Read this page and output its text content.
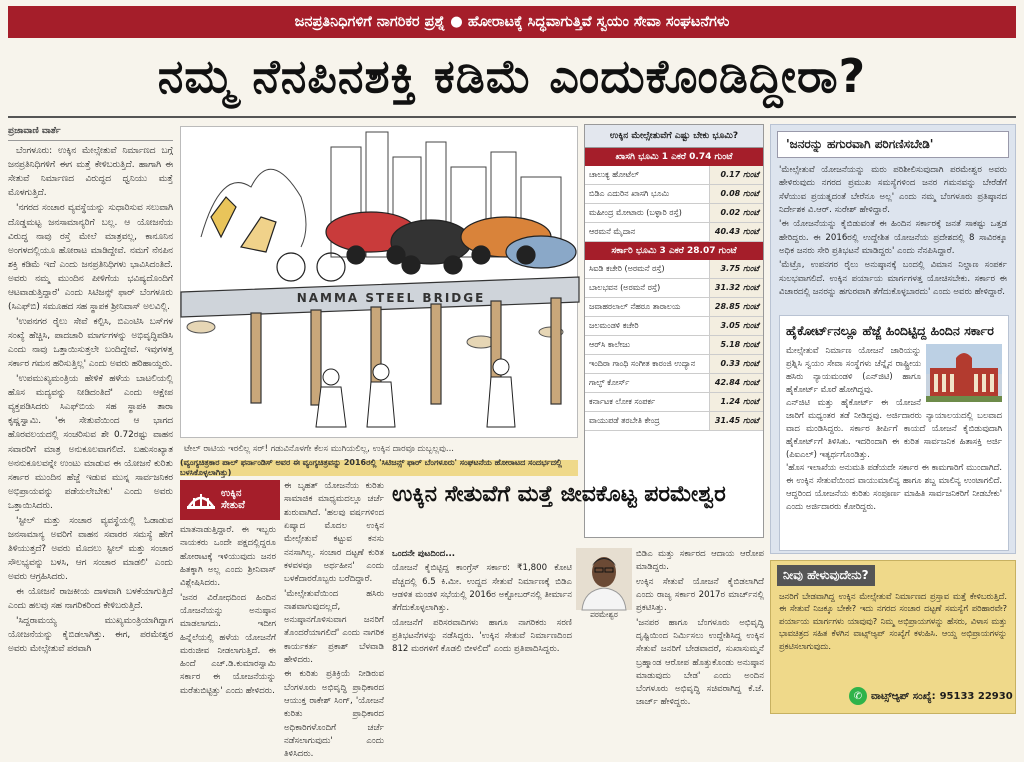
ಜನಪ್ರತಿನಿಧಿಗಳಿಗೆ ನಾಗರಿಕರ ಪ್ರಶ್ನೆ ● ಹೋರಾಟಕ್ಕೆ ಸಿದ್ಧವಾಗುತ್ತಿವೆ ಸ್ವಯಂ ಸೇವಾ ಸಂಘಟನೆಗಳು
ನಮ್ಮ ನೆನಪಿನಶಕ್ತಿ ಕಡಿಮೆ ಎಂದುಕೊಂಡಿದ್ದೀರಾ?
ಪ್ರಜಾವಾಣಿ ವಾರ್ತೆ

ಬೆಂಗಳೂರು: ಉಕ್ಕಿನ ಮೇಲ್ಸೇತುವೆ ನಿರ್ಮಾಣದ ಬಗ್ಗೆ ಜನಪ್ರತಿನಿಧಿಗಳಿಗೆ ಈಗ ಮತ್ತೆ ಕೇಳಿಬರುತ್ತಿದೆ. ಹಾಗಾಗಿ ಈ ಸೇತುವೆ ನಿರ್ಮಾಣದ ವಿರುದ್ಧದ ಧ್ವನಿಯು ಮತ್ತೆ ಮೊಳಗುತ್ತಿದೆ.

'ನಗರದ ಸಂಚಾರ ವ್ಯವಸ್ಥೆಯನ್ನು ಸುಧಾರಿಸುವ ಸಲುವಾಗಿ ದೊಡ್ಡಮಟ್ಟ ಜನಸಾಮಾನ್ಯರಿಗೆ ಬಲ್ಲ. ಆ ಯೋಜನೆಯ ವಿರುದ್ಧ ನಾವು ರಸ್ತೆ ಮೇಲೆ ಮಾತ್ರವಲ್ಲ, ಕಾನೂನಿನ ಅಂಗಳದಲ್ಲಿಯೂ ಹೋರಾಟ ಮಾಡಿದ್ದೇವೆ. ನಮಗೆ ನೆನಪಿನ ಶಕ್ತಿ ಕಡಿಮೆ ಇದೆ ಎಂದು ಜನಪ್ರತಿನಿಧಿಗಳು ಭಾವಿಸಿದಂತಿದೆ. ಅವರು ನಮ್ಮ ಮುಂದಿನ ಪೀಳಿಗೆಯ ಭವಿಷ್ಯದೊಂದಿಗೆ ಆಟವಾಡುತ್ತಿದ್ದಾರೆ' ಎಂದು ಸಿಟಿಜನ್ಸ್ ಫಾರ್ ಬೆಂಗಳೂರು (ಸಿಎಫ್‌ಬಿ) ಸಮೂಹದ ಸಹ ಸ್ಥಾಪಕ ಶ್ರೀನಿವಾಸ್ ಅಲವಿಲ್ಲಿ.

'ಉಪನಗರ ರೈಲು ಸೇವೆ ಕಲ್ಪಿಸಿ, ಬಿಎಂಟಿಸಿ ಬಸ್‌ಗಳ ಸಂಖ್ಯೆ ಹೆಚ್ಚಿಸಿ, ಪಾದಚಾರಿ ಮಾರ್ಗಗಳನ್ನು ಅಭಿವೃದ್ಧಿಪಡಿಸಿ ಎಂದು ನಾವು ಒತ್ತಾಯಿಸುತ್ತಲೇ ಬಂದಿದ್ದೇವೆ. ಇವುಗಳತ್ತ ಸರ್ಕಾರ ಗಮನ ಹರಿಸುತ್ತಿಲ್ಲ' ಎಂದು ಅವರು ಹರಿಹಾಯ್ದರು.

'ಉಪಮುಖ್ಯಮಂತ್ರಿಯ ಹೇಳಿಕೆ ಹಳೆಯ ಬಾಟಲಿಯಲ್ಲಿ ಹೊಸ ಮದ್ಯವನ್ನು ನೀಡಿದಂತಿದೆ' ಎಂದು ಆಕ್ಷೇಪ ವ್ಯಕ್ತಪಡಿಸಿದರು ಸಿಎಫ್‌ಬಿಯ ಸಹ ಸ್ಥಾಪಕಿ ತಾರಾ ಕೃಷ್ಣಸ್ವಾಮಿ. 'ಈ ಸೇತುವೆಯಿಂದ ಆ ಭಾಗದ ಹೊರವಲಯದಲ್ಲಿ ಸಂಚರಿಸುವ ಶೇ 0.72ರಷ್ಟು ವಾಹನ ಸವಾರರಿಗೆ ಮಾತ್ರ ಅನುಕೂಲವಾಗಲಿದೆ. ಬಹುಸಂಖ್ಯಾತ ಅನನುಕೂಲವನ್ನೇ ಉಂಟು ಮಾಡುವ ಈ ಯೋಜನೆ ಕುರಿತು ಸರ್ಕಾರ ಮುಂದಿನ ಹೆಜ್ಜೆ ಇಡುವ ಮುನ್ನ ಸಾರ್ವಜನಿಕರ ಅಭಿಪ್ರಾಯವನ್ನು ಪಡೆಯಲೇಬೇಕು' ಎಂದು ಅವರು ಒತ್ತಾಯಿಸಿದರು.

'ಸ್ಟೀಲ್ ಮತ್ತು ಸಂಚಾರ ವ್ಯವಸ್ಥೆಯಲ್ಲಿ ಓಡಾಡುವ ಜನಸಾಮಾನ್ಯ ಅವರಿಗೆ ವಾಹನ ಸವಾರರ ಸಮಸ್ಯೆ ಹೇಗೆ ತಿಳಿಯುತ್ತದೆ? ಅವರು ಮೊದಲು ಸ್ಟೀಲ್ ಮತ್ತು ಸಂಚಾರ ಸೌಲಭ್ಯವನ್ನು ಬಳಸಿ, ಆಗ ಸಂಚಾರ ಮಾಡಲಿ' ಎಂದು ಅವರು ಆಗ್ರಹಿಸಿದರು.

ಈ ಯೋಜನೆ ರಾಜಕೀಯ ದಾಳವಾಗಿ ಬಳಕೆಯಾಗುತ್ತಿದೆ ಎಂದು ಹಲವು ಸಹ ನಾಗರಿಕರಿಂದ ಕೇಳಿಬರುತ್ತಿದೆ.

'ಸಿದ್ದರಾಮಯ್ಯ ಮುಖ್ಯಮಂತ್ರಿಯಾಗಿದ್ದಾಗ ಯೋಜನೆಯನ್ನು ಕೈಬಿಡಲಾಗಿತ್ತು. ಈಗ, ಪರಮೇಶ್ವರ ಅವರು ಮೇಲ್ಸೇತುವೆ ಪರವಾಗಿ

NAMMA STEEL BRIDGE
ಟೇಲ್ ರಾಟಿಯ ಇರಲಿಲ್ಲ ಸರ್! ಗಡುವಿನೊಳಗೇ ಕೆಲಸ ಮುಗಿಯಲಿಲ್ಲ, ಉಕ್ಕಿನ ದಾರವೂ ದುಬ್ಬಲ್ಲವು...
(ವ್ಯಂಗ್ಯಚಿತ್ರಕಾರ ಪಾಲ್ ಫರ್ನಾಂಡಿಸ್ ಅವರ ಈ ವ್ಯಂಗ್ಯಚಿತ್ರವನ್ನು 2016ರಲ್ಲಿ 'ಸಿಟಿಜನ್ಸ್ ಫಾರ್ ಬೆಂಗಳೂರು' ಸಂಘಟನೆಯ ಹೋರಾಟದ ಸಂದರ್ಭದಲ್ಲಿ ಬಳಸಿಕೊಳ್ಳಲಾಗಿತ್ತು)
ಉಕ್ಕಿನ ಮೇಲ್ಸೇತುವೆಗೆ ಎಷ್ಟು ಬೇಕು ಭೂಮಿ?
ಖಾಸಗಿ ಭೂಮಿ 1 ಎಕರೆ 0.74 ಗುಂಟೆ
ಚಾಲುಕ್ಯ ಹೋಟೆಲ್	0.17 ಗುಂಟೆ
ಬಿಡಿಎ ಎದುರಿನ ಖಾಸಗಿ ಭೂಮಿ	0.08 ಗುಂಟೆ
ಮಹೀಂದ್ರ ಮೋಟಾರು (ಬಳ್ಳಾರಿ ರಸ್ತೆ)	0.02 ಗುಂಟೆ
ಆರಮನೆ ಮೈದಾನ	40.43 ಗುಂಟೆ
ಸರ್ಕಾರಿ ಭೂಮಿ 3 ಎಕರೆ 28.07 ಗುಂಟೆ
ಸಿಐಡಿ ಕಚೇರಿ (ಅರಮನೆ ರಸ್ತೆ)	3.75 ಗುಂಟೆ
ಬಾಲಭವನ (ಅರಮನೆ ರಸ್ತೆ)	31.32 ಗುಂಟೆ
ಜವಾಹರಲಾಲ್ ನೆಹರೂ ತಾರಾಲಯ	28.85 ಗುಂಟೆ
ಜಲಮಂಡಳಿ ಕಚೇರಿ	3.05 ಗುಂಟೆ
ಆರ್‌ಸಿ ಕಾಲೇಜು	5.18 ಗುಂಟೆ
ಇಂದಿರಾ ಗಾಂಧಿ ಸಂಗೀತ ಕಾರಂಜಿ ಉದ್ಯಾನ	0.33 ಗುಂಟೆ
ಗಾಲ್ಫ್ ಕೋರ್ಸ್	42.84 ಗುಂಟೆ
ಕರ್ನಾಟಕ ಲೋಕ ಸಂಪರ್ಕ	1.24 ಗುಂಟೆ
ವಾಯುಪಡೆ ತರಬೇತಿ ಕೇಂದ್ರ	31.45 ಗುಂಟೆ
'ಜನರನ್ನು ಹಗುರವಾಗಿ ಪರಿಗಣಿಸಬೇಡಿ'

'ಮೇಲ್ಸೇತುವೆ ಯೋಜನೆಯನ್ನು ಮರು ಪರಿಶೀಲಿಸುವುದಾಗಿ ಪರಮೇಶ್ವರ ಅವರು ಹೇಳಿರುವುದು ನಗರದ ಪ್ರಮುಖ ಸಮಸ್ಯೆಗಳಿಂದ ಜನರ ಗಮನವನ್ನು ಬೇರೆಡೆಗೆ ಸೆಳೆಯುವ ಪ್ರಯತ್ನದಂತೆ ಬೇರೆನೂ ಅಲ್ಲ' ಎಂದು ನಮ್ಮ ಬೆಂಗಳೂರು ಪ್ರತಿಷ್ಠಾನದ ನಿರ್ದೇಶಕ ವಿ.ಆರ್. ಸುರೇಶ್ ಹೇಳಿದ್ದಾರೆ.

'ಈ ಯೋಜನೆಯನ್ನು ಕೈಬಿಡುವಂತೆ ಈ ಹಿಂದಿನ ಸರ್ಕಾರಕ್ಕೆ ಜನತೆ ಸಾಕಷ್ಟು ಒತ್ತಡ ಹೇರಿದ್ದರು. ಈ 2016ರಲ್ಲಿ ಉದ್ದೇಶಿತ ಯೋಜನೆಯ ಪ್ರದೇಶದಲ್ಲಿ 8 ಸಾವಿರಕ್ಕೂ ಅಧಿಕ ಜನರು ಸೇರಿ ಪ್ರತಿಭಟನೆ ಮಾಡಿದ್ದರು' ಎಂದು ನೆನಪಿಸಿದ್ದಾರೆ.

'ಮೆಟ್ರೊ, ಉಪನಗರ ರೈಲು ಅನುಷ್ಠಾನಕ್ಕೆ ಬಂದಲ್ಲಿ ವಿಮಾನ ನಿಲ್ದಾಣ ಸಂಪರ್ಕ ಸುಲಭವಾಗಲಿದೆ. ಉಕ್ಕಿನ ಪರ್ಯಾಯ ಮಾರ್ಗಗಳತ್ತ ಯೋಚಿಸಬೇಕು. ಸರ್ಕಾರ ಈ ವಿಚಾರದಲ್ಲಿ ಜನರನ್ನು ಹಗುರವಾಗಿ ತೆಗೆದುಕೊಳ್ಳಬಾರದು' ಎಂದು ಅವರು ಹೇಳಿದ್ದಾರೆ.

ಹೈಕೋರ್ಟ್‌ನಲ್ಲೂ ಹೆಜ್ಜೆ ಹಿಂದಿಟ್ಟಿದ್ದ ಹಿಂದಿನ ಸರ್ಕಾರ

ಮೇಲ್ಸೇತುವೆ ನಿರ್ಮಾಣ ಯೋಜನೆ ಜಾರಿಯನ್ನು ಪ್ರಶ್ನಿಸಿ ಸ್ವಯಂ ಸೇವಾ ಸಂಸ್ಥೆಗಳು ಚೆನ್ನೈನ ರಾಷ್ಟ್ರೀಯ ಹಸಿರು ನ್ಯಾಯಮಂಡಳಿ (ಎನ್‌ಜಿಟಿ) ಹಾಗೂ ಹೈಕೋರ್ಟ್ ಮೊರೆ ಹೋಗಿದ್ದವು.

ಎನ್‌ಜಿಟಿ ಮತ್ತು ಹೈಕೋರ್ಟ್ ಈ ಯೋಜನೆ ಜಾರಿಗೆ ಮಧ್ಯಂತರ ತಡೆ ನೀಡಿದ್ದವು. ಅರ್ಜಿದಾರರು ನ್ಯಾಯಾಲಯದಲ್ಲಿ ಬಲವಾದ ವಾದ ಮಂಡಿಸಿದ್ದರು. ಸರ್ಕಾರ ತೀರ್ಪಿಗೆ ಕಾಯದೆ ಯೋಜನೆ ಕೈಬಿಡುವುದಾಗಿ ಹೈಕೋರ್ಟ್‌ಗೆ ತಿಳಿಸಿತು. ಇದರಿಂದಾಗಿ ಈ ಕುರಿತ ಸಾರ್ವಜನಿಕ ಹಿತಾಸಕ್ತಿ ಅರ್ಜಿ (ಪಿಐಎಲ್) ಇತ್ಯರ್ಥಗೊಂಡಿತ್ತು.

'ಹೊಸ ಇಲಾಖೆಯ ಅನುಮತಿ ಪಡೆಯದೇ ಸರ್ಕಾರ ಈ ಕಾಮಗಾರಿಗೆ ಮುಂದಾಗಿದೆ. ಈ ಉಕ್ಕಿನ ಸೇತುವೆಯಿಂದ ವಾಯುಮಾಲಿನ್ಯ ಹಾಗೂ ಶಬ್ದ ಮಾಲಿನ್ಯ ಉಂಟಾಗಲಿದೆ. ಆದ್ದರಿಂದ ಯೋಜನೆಯ ಕುರಿತು ಸಂಪೂರ್ಣ ಮಾಹಿತಿ ಸಾರ್ವಜನಿಕರಿಗೆ ನೀಡಬೇಕು' ಎಂದು ಅರ್ಜಿದಾರರು ಕೋರಿದ್ದರು.

ನೀವು ಹೇಳುವುದೇನು?
ಜನರಿಗೆ ಬೇಡವಾಗಿದ್ದ ಉಕ್ಕಿನ ಮೇಲ್ಸೇತುವೆ ನಿರ್ಮಾಣದ ಪ್ರಸ್ತಾವ ಮತ್ತೆ ಕೇಳಿಬರುತ್ತಿದೆ. ಈ ಸೇತುವೆ ನಿಜಕ್ಕೂ ಬೇಕೇ? ಇದು ನಗರದ ಸಂಚಾರ ದಟ್ಟಣೆ ಸಮಸ್ಯೆಗೆ ಪರಿಹಾರವೇ? ಪರ್ಯಾಯ ಮಾರ್ಗಗಳು ಯಾವುವು? ನಿಮ್ಮ ಅಭಿಪ್ರಾಯಗಳನ್ನು ಹೆಸರು, ವಿಳಾಸ ಮತ್ತು ಭಾವಚಿತ್ರದ ಸಹಿತ ಕೆಳಗಿನ ವಾಟ್ಸ್‌ಆ್ಯಪ್ ಸಂಖ್ಯೆಗೆ ಕಳುಹಿಸಿ. ಆಯ್ದ ಅಭಿಪ್ರಾಯಗಳನ್ನು ಪ್ರಕಟಿಸಲಾಗುವುದು.
✆ ವಾಟ್ಸ್‌ಆ್ಯಪ್ ಸಂಖ್ಯೆ: 95133 22930
ಉಕ್ಕಿನ
ಸೇತುವೆ

ಮಾತನಾಡುತ್ತಿದ್ದಾರೆ. ಈ ಇಬ್ಬರು ನಾಯಕರು ಒಂದೇ ಪಕ್ಷದಲ್ಲಿದ್ದರೂ ಹೋರಾಟಕ್ಕೆ ಇಳಿಯುವುದು ಜನರ ಹಿತಕ್ಕಾಗಿ ಅಲ್ಲ ಎಂದು ಶ್ರೀನಿವಾಸ್ ವಿಶ್ಲೇಷಿಸಿದರು.

'ಜನರ ವಿರೋಧದಿಂದ ಹಿಂದಿನ ಯೋಜನೆಯನ್ನು ಅನುಷ್ಠಾನ ಮಾಡಲಾಗದು. ಇದೀಗ ಹಿನ್ನೆಲೆಯಲ್ಲಿ ಹಳೆಯ ಯೋಜನೆಗೆ ಮರುಜೀವ ನೀಡಲಾಗುತ್ತಿದೆ. ಈ ಹಿಂದೆ ಎಚ್.ಡಿ.ಕುಮಾರಸ್ವಾಮಿ ಸರ್ಕಾರ ಈ ಯೋಜನೆಯನ್ನು ಮರೆತುಬಿಟ್ಟಿತ್ತು' ಎಂದು ಹೇಳಿದರು.

ಈ ಬೃಹತ್ ಯೋಜನೆಯ ಕುರಿತು ಸಾಮಾಜಿಕ ಮಾಧ್ಯಮದಲ್ಲೂ ಚರ್ಚೆ ಶುರುವಾಗಿದೆ. 'ಹಲವು ವರ್ಷಗಳಿಂದ ಏಷ್ಯಾದ ಮೊದಲ ಉಕ್ಕಿನ ಮೇಲ್ಸೇತುವೆ ಕಟ್ಟುವ ಕನಸು ನನಸಾಗಿಲ್ಲ. ಸಂಚಾರ ದಟ್ಟಣೆ ಕುರಿತ ಕಳವಳವೂ ಅರ್ಥಹೀನ' ಎಂದು ಬಳಕೆದಾರರೊಬ್ಬರು ಬರೆದಿದ್ದಾರೆ.

'ಮೇಲ್ಸೇತುವೆಯಿಂದ ಹಸಿರು ನಾಶವಾಗುವುದಲ್ಲದೆ, ಅನುಷ್ಠಾನಗೊಳಿಸುವಾಗ ಜನರಿಗೆ ತೊಂದರೆಯಾಗಲಿದೆ' ಎಂದು ನಾಗರಿಕ ಕಾರ್ಯಕರ್ತ ಪ್ರಕಾಶ್ ಬೆಳವಾಡಿ ಹೇಳಿದರು.

ಈ ಕುರಿತು ಪ್ರತಿಕ್ರಿಯೆ ನೀಡಿರುವ ಬೆಂಗಳೂರು ಅಭಿವೃದ್ಧಿ ಪ್ರಾಧಿಕಾರದ ಆಯುಕ್ತ ರಾಕೇಶ್ ಸಿಂಗ್, 'ಯೋಜನೆ ಕುರಿತು ಪ್ರಾಧಿಕಾರದ ಅಧಿಕಾರಿಗಳೊಂದಿಗೆ ಚರ್ಚೆ ನಡೆಸಲಾಗುವುದು' ಎಂದು ತಿಳಿಸಿದರು.

ಉಕ್ಕಿನ ಸೇತುವೆಗೆ ಮತ್ತೆ ಜೀವಕೊಟ್ಟ ಪರಮೇಶ್ವರ

ಒಂದನೇ ಪುಟದಿಂದ...

ಯೋಜನೆ ಕೈಬಿಟ್ಟಿದ್ದ ಕಾಂಗ್ರೆಸ್ ಸರ್ಕಾರ: ₹1,800 ಕೋಟಿ ವೆಚ್ಚದಲ್ಲಿ 6.5 ಕಿ.ಮೀ. ಉದ್ದದ ಸೇತುವೆ ನಿರ್ಮಾಣಕ್ಕೆ ಬಿಡಿಎ ಆಡಳಿತ ಮಂಡಳಿ ಸಭೆಯಲ್ಲಿ 2016ರ ಅಕ್ಟೋಬರ್‌ನಲ್ಲಿ ತೀರ್ಮಾನ ತೆಗೆದುಕೊಳ್ಳಲಾಗಿತ್ತು.

ಯೋಜನೆಗೆ ಪರಿಸರವಾದಿಗಳು ಹಾಗೂ ನಾಗರಿಕರು ಸರಣಿ ಪ್ರತಿಭಟನೆಗಳನ್ನು ನಡೆಸಿದ್ದರು. 'ಉಕ್ಕಿನ ಸೇತುವೆ ನಿರ್ಮಾಣದಿಂದ 812 ಮರಗಳಿಗೆ ಕೊಡಲಿ ಬೀಳಲಿದೆ' ಎಂದು ಪ್ರತಿಪಾದಿಸಿದ್ದರು.

ಪರಮೇಶ್ವರ

ಬಿಡಿಎ ಮತ್ತು ಸರ್ಕಾರದ ಆದಾಯ ಆರೋಪ ಮಾಡಿದ್ದರು.

ಉಕ್ಕಿನ ಸೇತುವೆ ಯೋಜನೆ ಕೈಬಿಡಲಾಗಿದೆ ಎಂದು ರಾಜ್ಯ ಸರ್ಕಾರ 2017ರ ಮಾರ್ಚ್‌ನಲ್ಲಿ ಪ್ರಕಟಿಸಿತ್ತು.

'ಜನಪರ ಹಾಗೂ ಬೆಂಗಳೂರು ಅಭಿವೃದ್ಧಿ ದೃಷ್ಟಿಯಿಂದ ನಿರ್ಮಿಸಲು ಉದ್ದೇಶಿಸಿದ್ದ ಉಕ್ಕಿನ ಸೇತುವೆ ಜನರಿಗೆ ಬೇಡವಾದರೆ, ಸುಖಾಸುಮ್ಮನೆ ಬ್ರಹ್ಮಾಂಡ ಆರೋಪ ಹೊತ್ತುಕೊಂಡು ಅನುಷ್ಠಾನ ಮಾಡುವುದು ಬೇಡ' ಎಂದು ಅಂದಿನ ಬೆಂಗಳೂರು ಅಭಿವೃದ್ಧಿ ಸಚಿವರಾಗಿದ್ದ ಕೆ.ಜೆ. ಜಾರ್ಜ್ ಹೇಳಿದ್ದರು.
